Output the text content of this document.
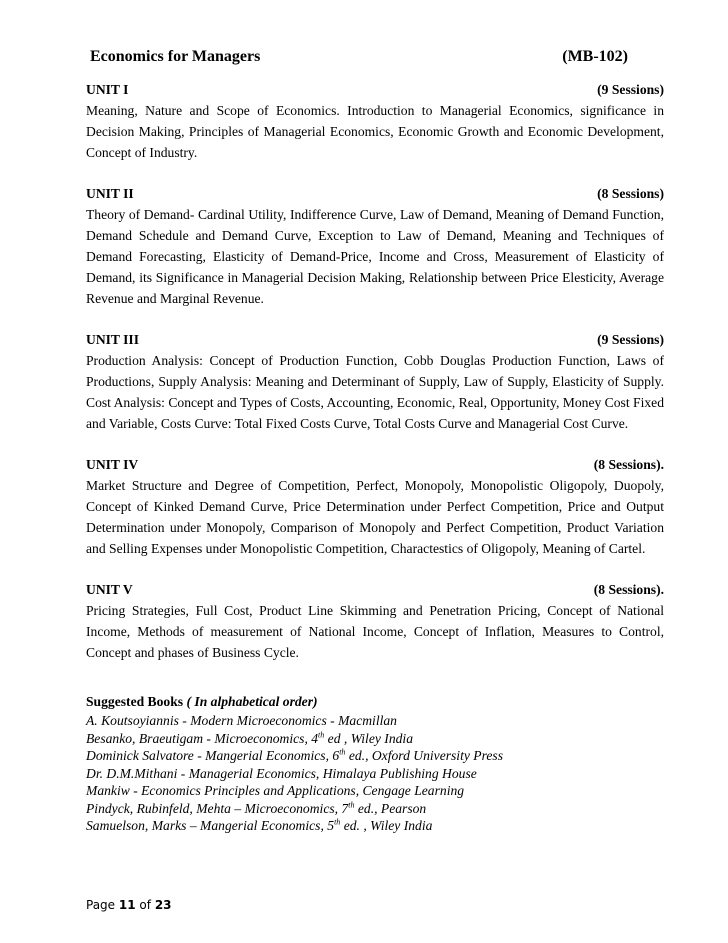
Economics for Managers	(MB-102)
UNIT I	(9 Sessions)
Meaning, Nature and Scope of Economics. Introduction to Managerial Economics, significance in Decision Making, Principles of Managerial Economics, Economic Growth and Economic Development, Concept of Industry.
UNIT II	(8 Sessions)
Theory of Demand- Cardinal Utility, Indifference Curve, Law of Demand, Meaning of Demand Function, Demand Schedule and Demand Curve, Exception to Law of Demand, Meaning and Techniques of Demand Forecasting, Elasticity of Demand-Price, Income and Cross, Measurement of Elasticity of Demand, its Significance in Managerial Decision Making, Relationship between Price Elesticity, Average Revenue and Marginal Revenue.
UNIT III	(9 Sessions)
Production Analysis: Concept of Production Function, Cobb Douglas Production Function, Laws of Productions, Supply Analysis: Meaning and Determinant of Supply, Law of Supply, Elasticity of Supply. Cost Analysis: Concept and Types of Costs, Accounting, Economic, Real, Opportunity, Money Cost Fixed and Variable, Costs Curve: Total Fixed Costs Curve, Total Costs Curve and Managerial Cost Curve.
UNIT IV	(8 Sessions).
Market Structure and Degree of Competition, Perfect, Monopoly, Monopolistic Oligopoly, Duopoly, Concept of Kinked Demand Curve, Price Determination under Perfect Competition, Price and Output Determination under Monopoly, Comparison of Monopoly and Perfect Competition, Product Variation and Selling Expenses under Monopolistic Competition, Charactestics of Oligopoly, Meaning of Cartel.
UNIT V	(8 Sessions).
Pricing Strategies, Full Cost, Product Line Skimming and Penetration Pricing, Concept of National Income, Methods of measurement of National Income, Concept of Inflation, Measures to Control, Concept and phases of Business Cycle.
Suggested Books ( In alphabetical order)
A. Koutsoyiannis - Modern Microeconomics - Macmillan
Besanko, Braeutigam - Microeconomics, 4th ed , Wiley India
Dominick Salvatore - Mangerial Economics, 6th ed., Oxford University Press
Dr. D.M.Mithani - Managerial Economics, Himalaya Publishing House
Mankiw - Economics Principles and Applications, Cengage Learning
Pindyck, Rubinfeld, Mehta – Microeconomics, 7th ed., Pearson
Samuelson, Marks – Mangerial Economics, 5th ed. , Wiley India
Page 11 of 23
